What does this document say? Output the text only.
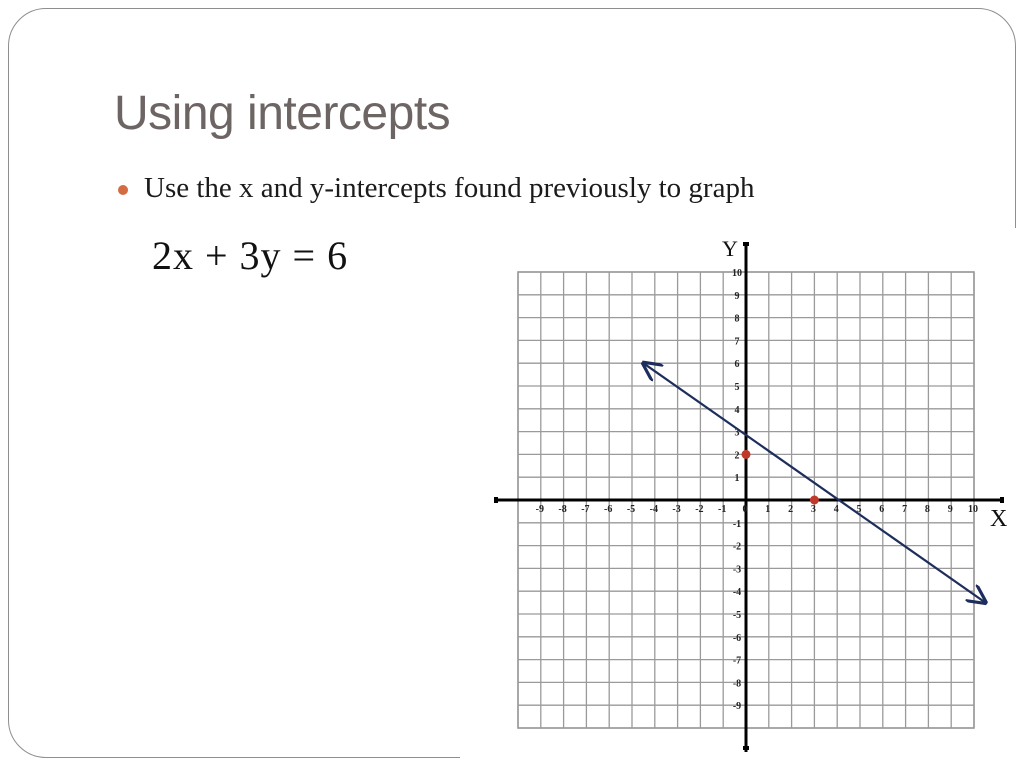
Using intercepts
Use the x and y-intercepts found previously to graph
2x + 3y = 6	Y
X
-9 -8 -7 -6 -5 -4 -3 -2 -1 0 1 2 3 4 5 6 7 8 9 10
10
9
8
7
6
5
4
3
2
1
-1
-2
-3
-4
-5
-6
-7
-8
-9
